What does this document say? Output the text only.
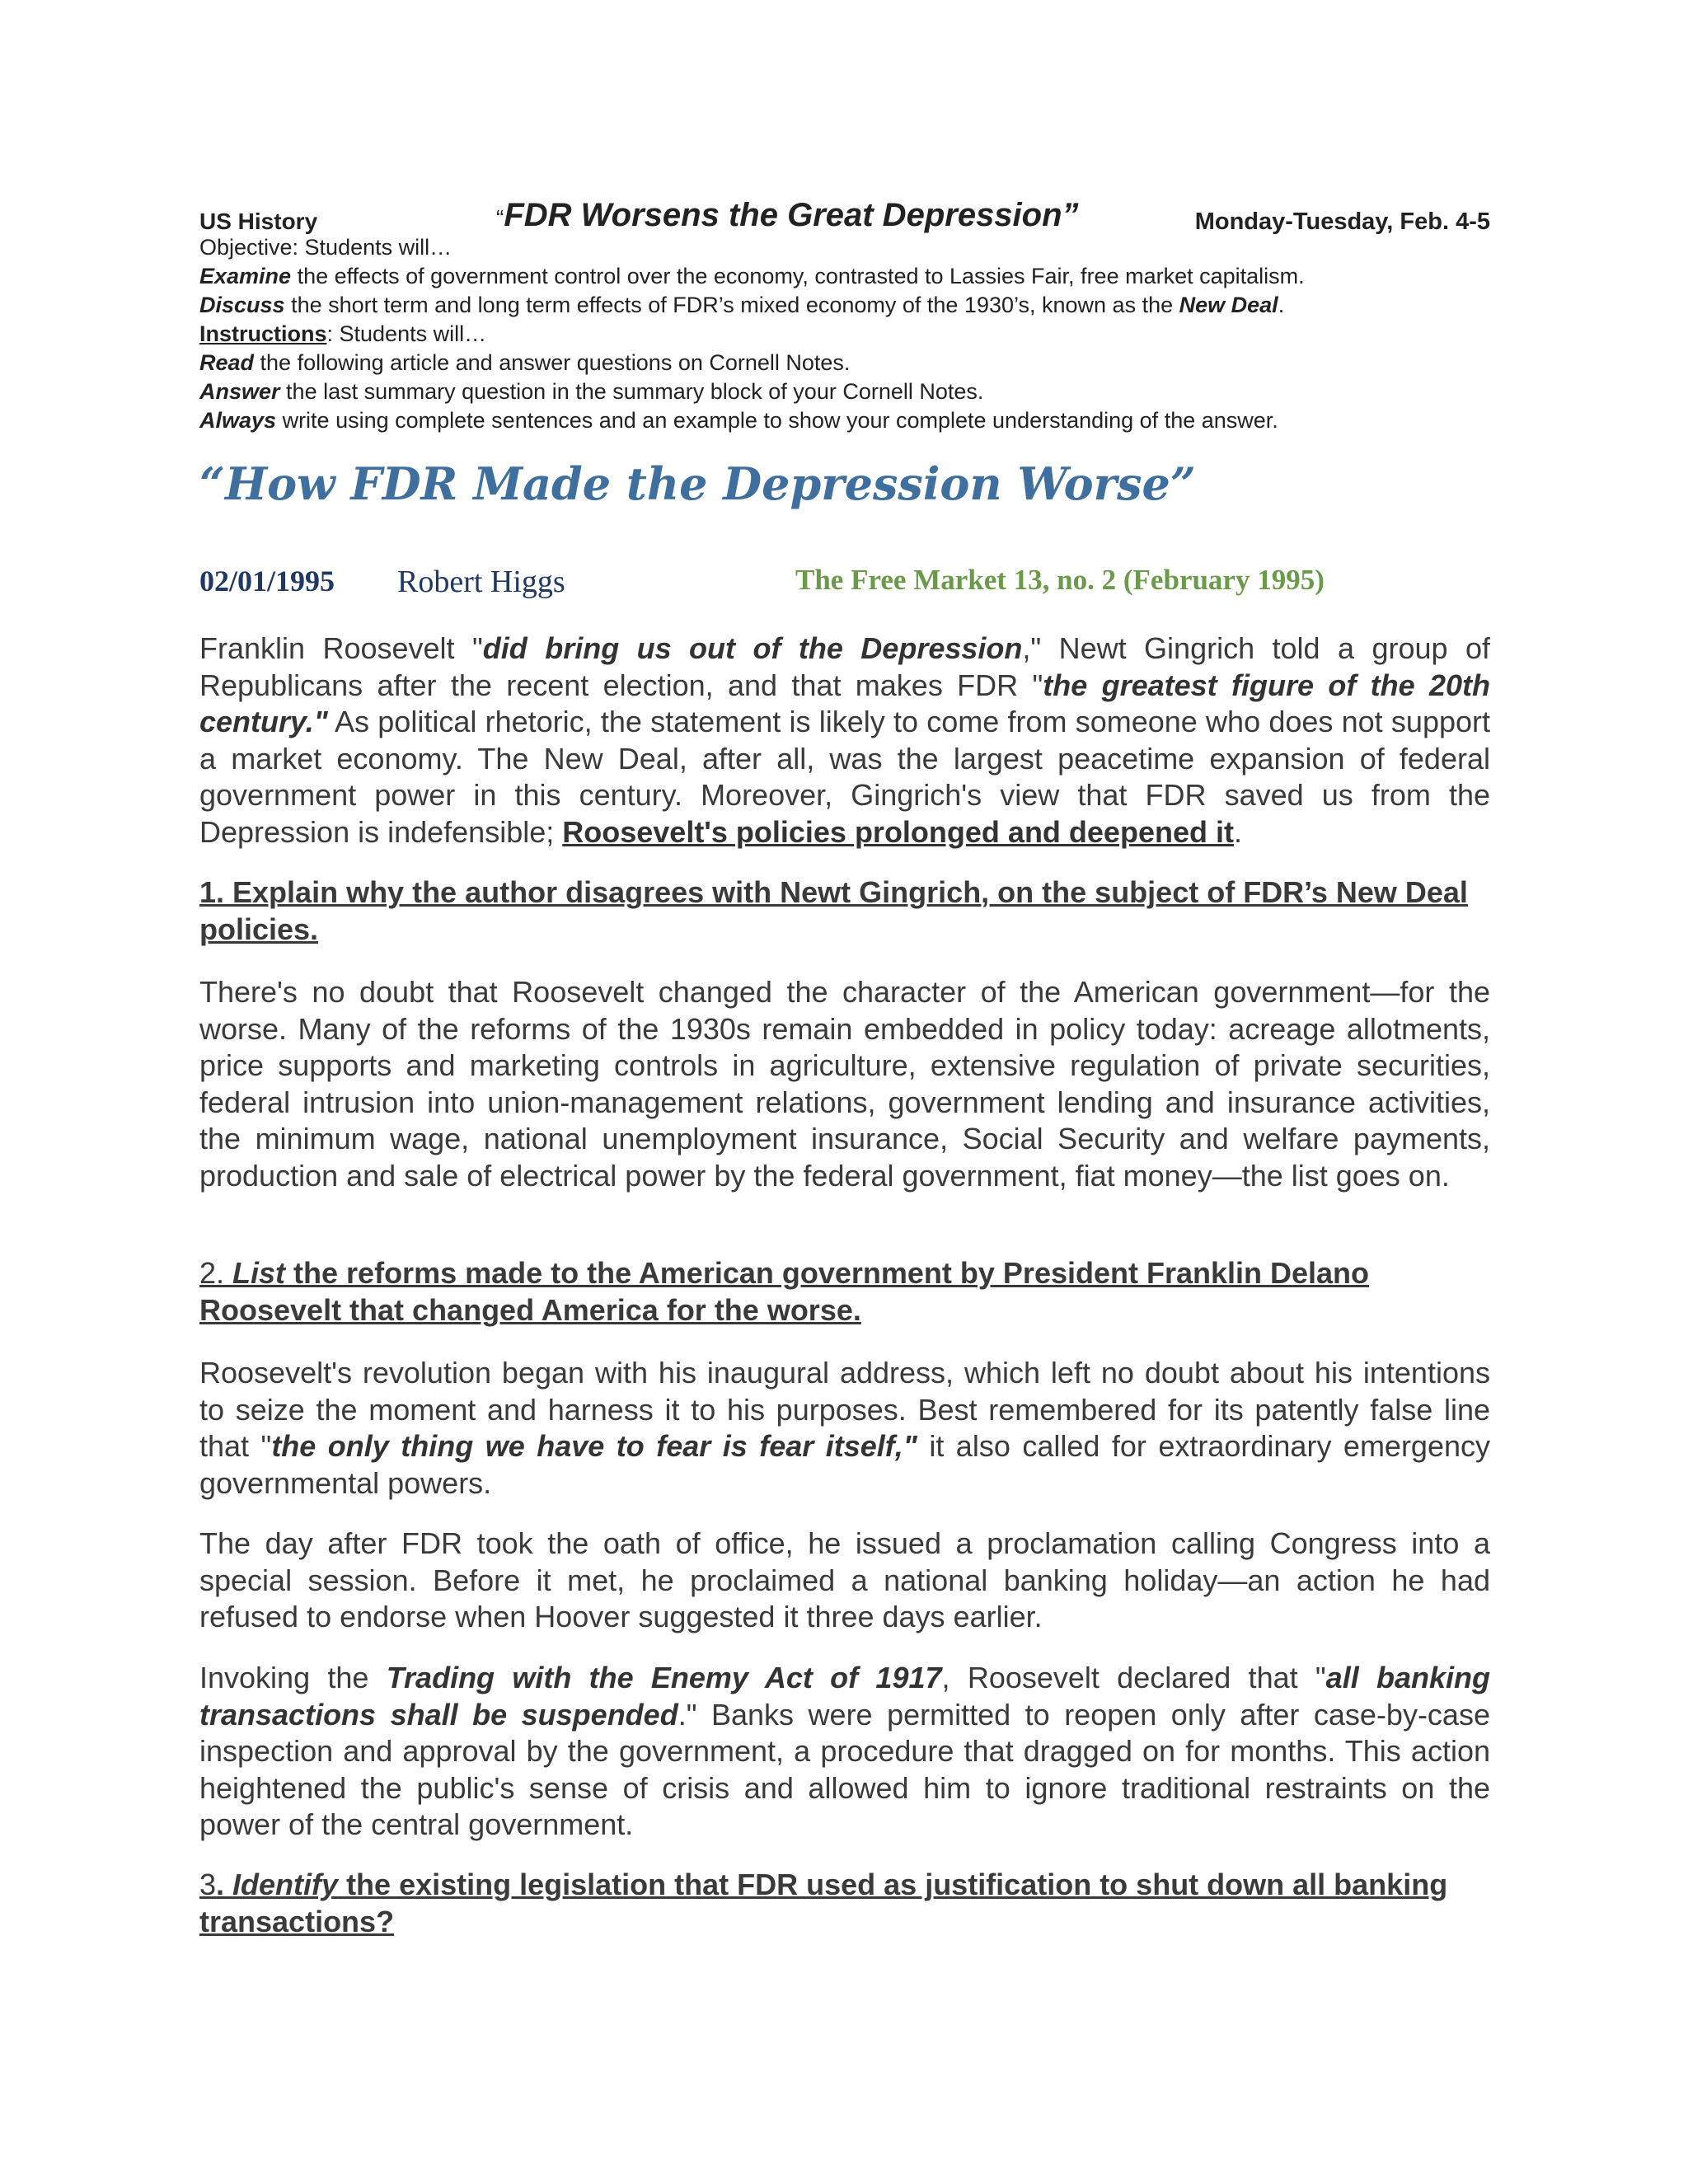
US History	“FDR Worsens the Great Depression”	Monday-Tuesday, Feb. 4-5
Objective: Students will…
Examine the effects of government control over the economy, contrasted to Lassies Fair, free market capitalism.
Discuss the short term and long term effects of FDR’s mixed economy of the 1930’s, known as the New Deal.
Instructions: Students will…
Read the following article and answer questions on Cornell Notes.
Answer the last summary question in the summary block of your Cornell Notes.
Always write using complete sentences and an example to show your complete understanding of the answer.
“How FDR Made the Depression Worse”
02/01/1995 Robert Higgs	The Free Market 13, no. 2 (February 1995)
Franklin Roosevelt "did bring us out of the Depression," Newt Gingrich told a group of Republicans after the recent election, and that makes FDR "the greatest figure of the 20th century." As political rhetoric, the statement is likely to come from someone who does not support a market economy. The New Deal, after all, was the largest peacetime expansion of federal government power in this century. Moreover, Gingrich's view that FDR saved us from the Depression is indefensible; Roosevelt's policies prolonged and deepened it.
1. Explain why the author disagrees with Newt Gingrich, on the subject of FDR’s New Deal policies.
There's no doubt that Roosevelt changed the character of the American government—for the worse. Many of the reforms of the 1930s remain embedded in policy today: acreage allotments, price supports and marketing controls in agriculture, extensive regulation of private securities, federal intrusion into union-management relations, government lending and insurance activities, the minimum wage, national unemployment insurance, Social Security and welfare payments, production and sale of electrical power by the federal government, fiat money—the list goes on.
2. List the reforms made to the American government by President Franklin Delano Roosevelt that changed America for the worse.
Roosevelt's revolution began with his inaugural address, which left no doubt about his intentions to seize the moment and harness it to his purposes. Best remembered for its patently false line that "the only thing we have to fear is fear itself," it also called for extraordinary emergency governmental powers.
The day after FDR took the oath of office, he issued a proclamation calling Congress into a special session. Before it met, he proclaimed a national banking holiday—an action he had refused to endorse when Hoover suggested it three days earlier.
Invoking the Trading with the Enemy Act of 1917, Roosevelt declared that "all banking transactions shall be suspended." Banks were permitted to reopen only after case-by-case inspection and approval by the government, a procedure that dragged on for months. This action heightened the public's sense of crisis and allowed him to ignore traditional restraints on the power of the central government.
3. Identify the existing legislation that FDR used as justification to shut down all banking transactions?
